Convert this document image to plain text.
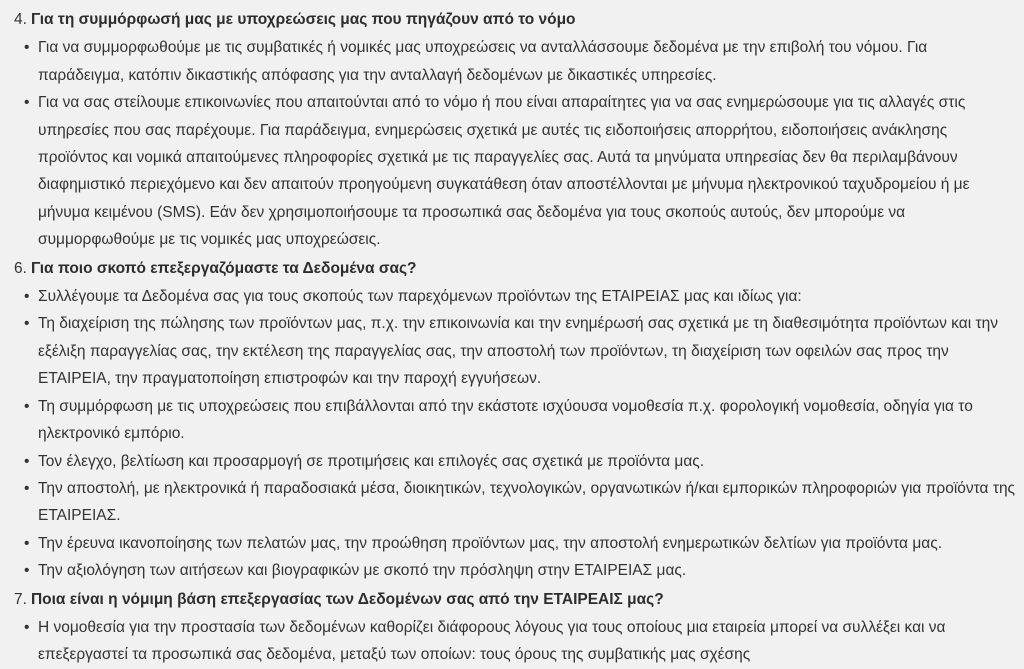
4. Για τη συμμόρφωσή μας με υποχρεώσεις μας που πηγάζουν από το νόμο
• Για να συμμορφωθούμε με τις συμβατικές ή νομικές μας υποχρεώσεις να ανταλλάσσουμε δεδομένα με την επιβολή του νόμου. Για παράδειγμα, κατόπιν δικαστικής απόφασης για την ανταλλαγή δεδομένων με δικαστικές υπηρεσίες.
• Για να σας στείλουμε επικοινωνίες που απαιτούνται από το νόμο ή που είναι απαραίτητες για να σας ενημερώσουμε για τις αλλαγές στις υπηρεσίες που σας παρέχουμε. Για παράδειγμα, ενημερώσεις σχετικά με αυτές τις ειδοποιήσεις απορρήτου, ειδοποιήσεις ανάκλησης προϊόντος και νομικά απαιτούμενες πληροφορίες σχετικά με τις παραγγελίες σας. Αυτά τα μηνύματα υπηρεσίας δεν θα περιλαμβάνουν διαφημιστικό περιεχόμενο και δεν απαιτούν προηγούμενη συγκατάθεση όταν αποστέλλονται με μήνυμα ηλεκτρονικού ταχυδρομείου ή με μήνυμα κειμένου (SMS). Εάν δεν χρησιμοποιήσουμε τα προσωπικά σας δεδομένα για τους σκοπούς αυτούς, δεν μπορούμε να συμμορφωθούμε με τις νομικές μας υποχρεώσεις.
6. Για ποιο σκοπό επεξεργαζόμαστε τα Δεδομένα σας?
• Συλλέγουμε τα Δεδομένα σας για τους σκοπούς των παρεχόμενων προϊόντων της ΕΤΑΙΡΕΙΑΣ μας και ιδίως για:
• Τη διαχείριση της πώλησης των προϊόντων μας, π.χ. την επικοινωνία και την ενημέρωσή σας σχετικά με τη διαθεσιμότητα προϊόντων και την εξέλιξη παραγγελίας σας, την εκτέλεση της παραγγελίας σας, την αποστολή των προϊόντων, τη διαχείριση των οφειλών σας προς την ΕΤΑΙΡΕΙΑ, την πραγματοποίηση επιστροφών και την παροχή εγγυήσεων.
• Τη συμμόρφωση με τις υποχρεώσεις που επιβάλλονται από την εκάστοτε ισχύουσα νομοθεσία π.χ. φορολογική νομοθεσία, οδηγία για το ηλεκτρονικό εμπόριο.
• Τον έλεγχο, βελτίωση και προσαρμογή σε προτιμήσεις και επιλογές σας σχετικά με προϊόντα μας.
• Την αποστολή, με ηλεκτρονικά ή παραδοσιακά μέσα, διοικητικών, τεχνολογικών, οργανωτικών ή/και εμπορικών πληροφοριών για προϊόντα της ΕΤΑΙΡΕΙΑΣ.
• Την έρευνα ικανοποίησης των πελατών μας, την προώθηση προϊόντων μας, την αποστολή ενημερωτικών δελτίων για προϊόντα μας.
• Την αξιολόγηση των αιτήσεων και βιογραφικών με σκοπό την πρόσληψη στην ΕΤΑΙΡΕΙΑΣ μας.
7. Ποια είναι η νόμιμη βάση επεξεργασίας των Δεδομένων σας από την ΕΤΑΙΡΕΑΙΣ μας?
• Η νομοθεσία για την προστασία των δεδομένων καθορίζει διάφορους λόγους για τους οποίους μια εταιρεία μπορεί να συλλέξει και να επεξεργαστεί τα προσωπικά σας δεδομένα, μεταξύ των οποίων: τους όρους της συμβατικής μας σχέσης
